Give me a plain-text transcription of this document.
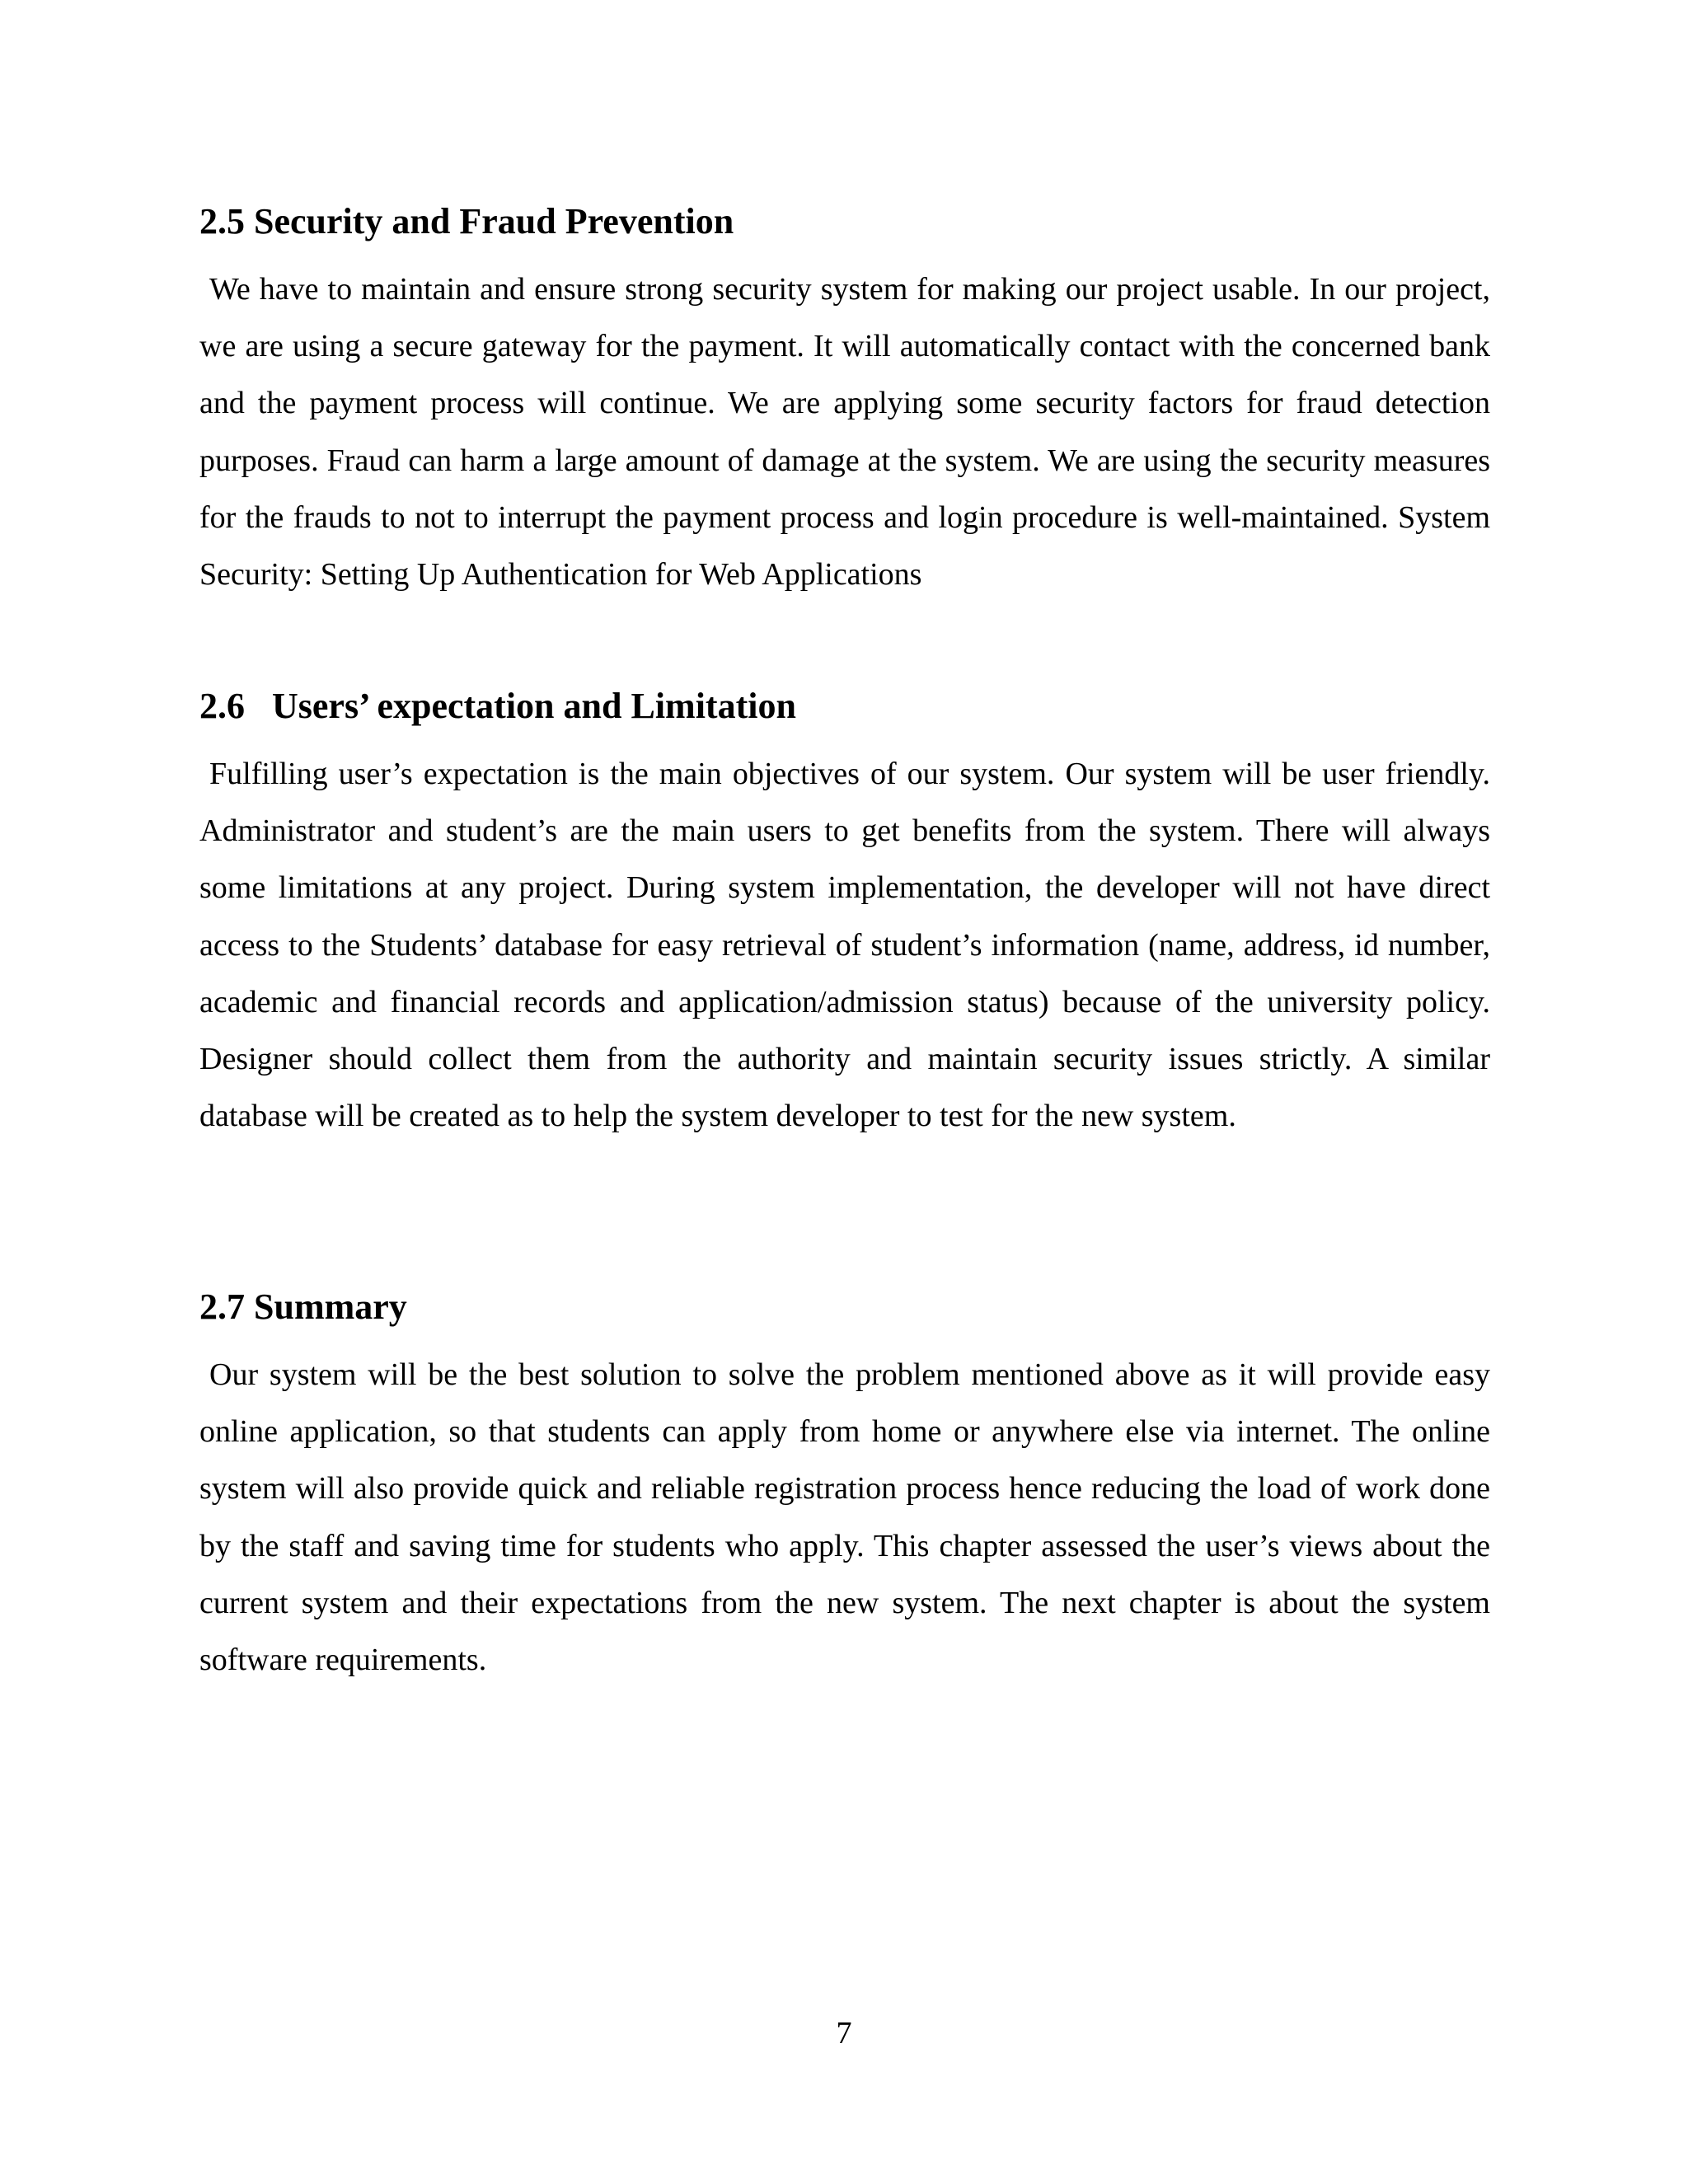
2.5 Security and Fraud Prevention

We have to maintain and ensure strong security system for making our project usable. In our project, we are using a secure gateway for the payment. It will automatically contact with the concerned bank and the payment process will continue. We are applying some security factors for fraud detection purposes. Fraud can harm a large amount of damage at the system. We are using the security measures for the frauds to not to interrupt the payment process and login procedure is well-maintained. System Security: Setting Up Authentication for Web Applications

2.6   Users’ expectation and Limitation

Fulfilling user’s expectation is the main objectives of our system. Our system will be user friendly. Administrator and student’s are the main users to get benefits from the system. There will always some limitations at any project. During system implementation, the developer will not have direct access to the Students’ database for easy retrieval of student’s information (name, address, id number, academic and financial records and application/admission status) because of the university policy. Designer should collect them from the authority and maintain security issues strictly. A similar database will be created as to help the system developer to test for the new system.

2.7 Summary

Our system will be the best solution to solve the problem mentioned above as it will provide easy online application, so that students can apply from home or anywhere else via internet. The online system will also provide quick and reliable registration process hence reducing the load of work done by the staff and saving time for students who apply. This chapter assessed the user’s views about the current system and their expectations from the new system. The next chapter is about the system software requirements.

7
